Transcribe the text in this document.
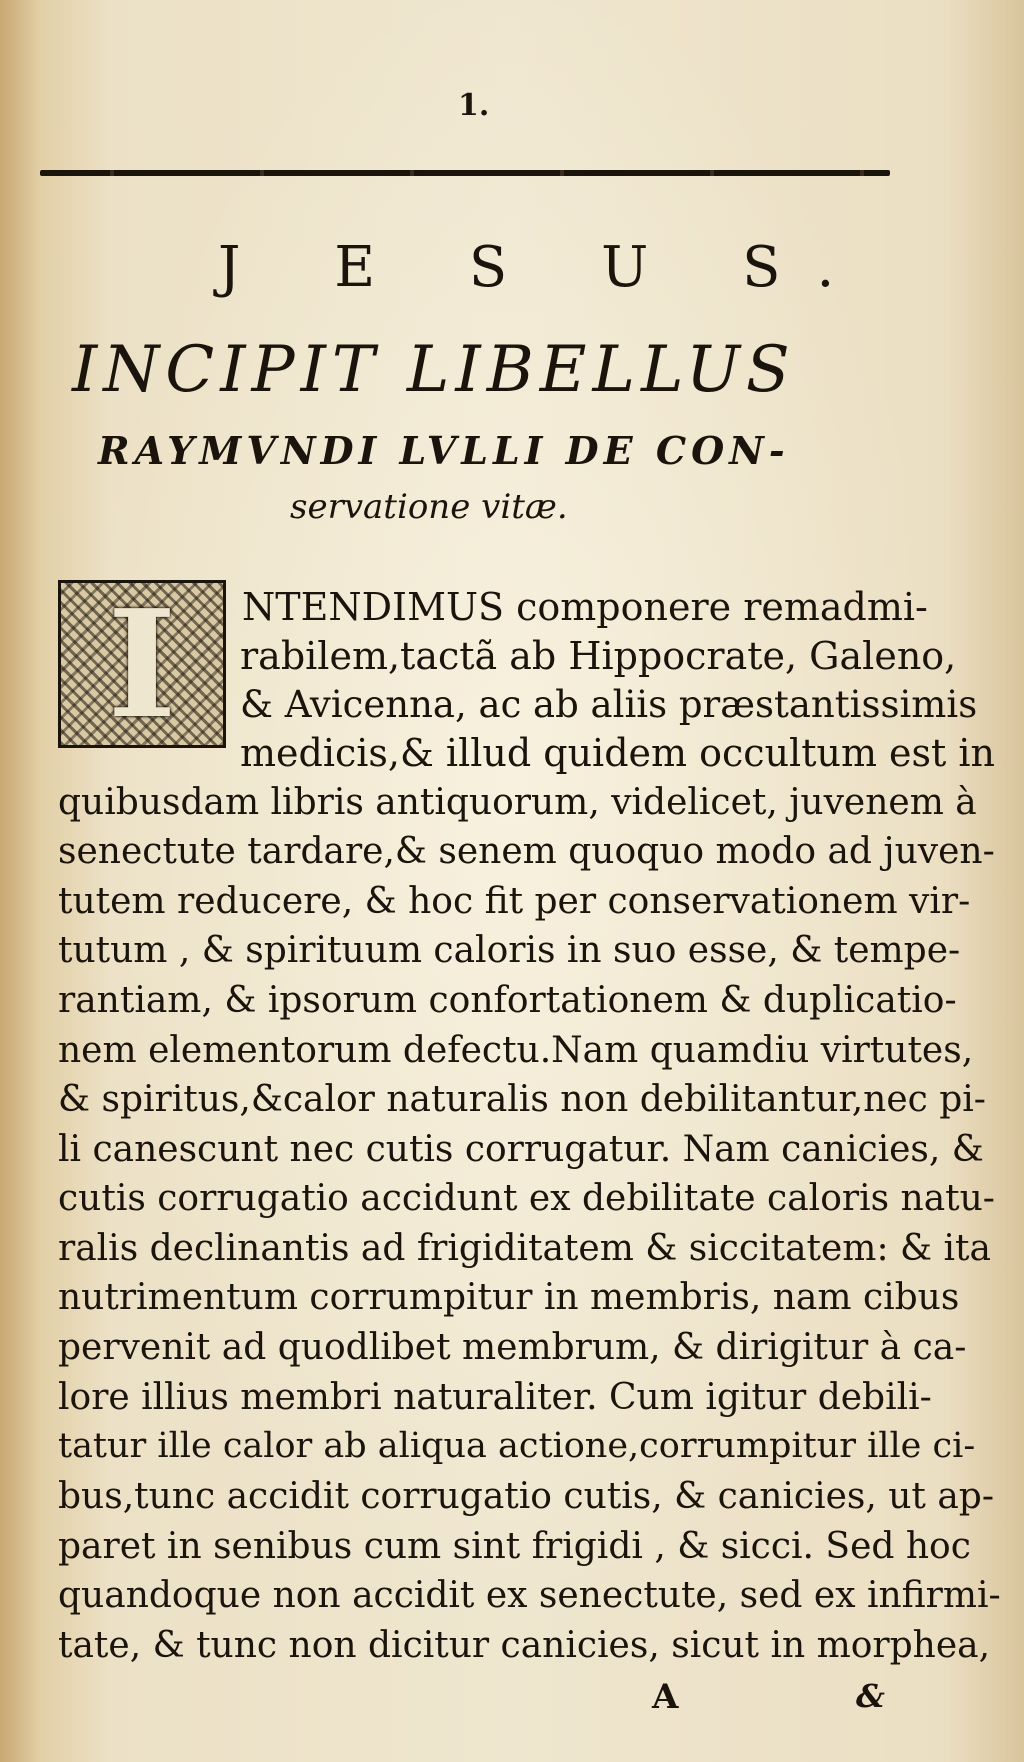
1.
J E S U S.
INCIPIT LIBELLUS
RAYMVNDI LVLLI DE CON-
servatione vitæ.
I	NTENDIMUS componere remadmi-
rabilem,tactã ab Hippocrate, Galeno,
& Avicenna, ac ab aliis præstantissimis
medicis,& illud quidem occultum est in
quibusdam libris antiquorum, videlicet, juvenem à
senectute tardare,& senem quoquo modo ad juven-
tutem reducere, & hoc fit per conservationem vir-
tutum , & spirituum caloris in suo esse, & tempe-
rantiam, & ipsorum confortationem & duplicatio-
nem elementorum defectu.Nam quamdiu virtutes,
& spiritus,&calor naturalis non debilitantur,nec pi-
li canescunt nec cutis corrugatur. Nam canicies, &
cutis corrugatio accidunt ex debilitate caloris natu-
ralis declinantis ad frigiditatem & siccitatem: & ita
nutrimentum corrumpitur in membris, nam cibus
pervenit ad quodlibet membrum, & dirigitur à ca-
lore illius membri naturaliter. Cum igitur debili-
tatur ille calor ab aliqua actione,corrumpitur ille ci-
bus,tunc accidit corrugatio cutis, & canicies, ut ap-
paret in senibus cum sint frigidi , & sicci. Sed hoc
quandoque non accidit ex senectute, sed ex infirmi-
tate, & tunc non dicitur canicies, sicut in morphea,
A	&
